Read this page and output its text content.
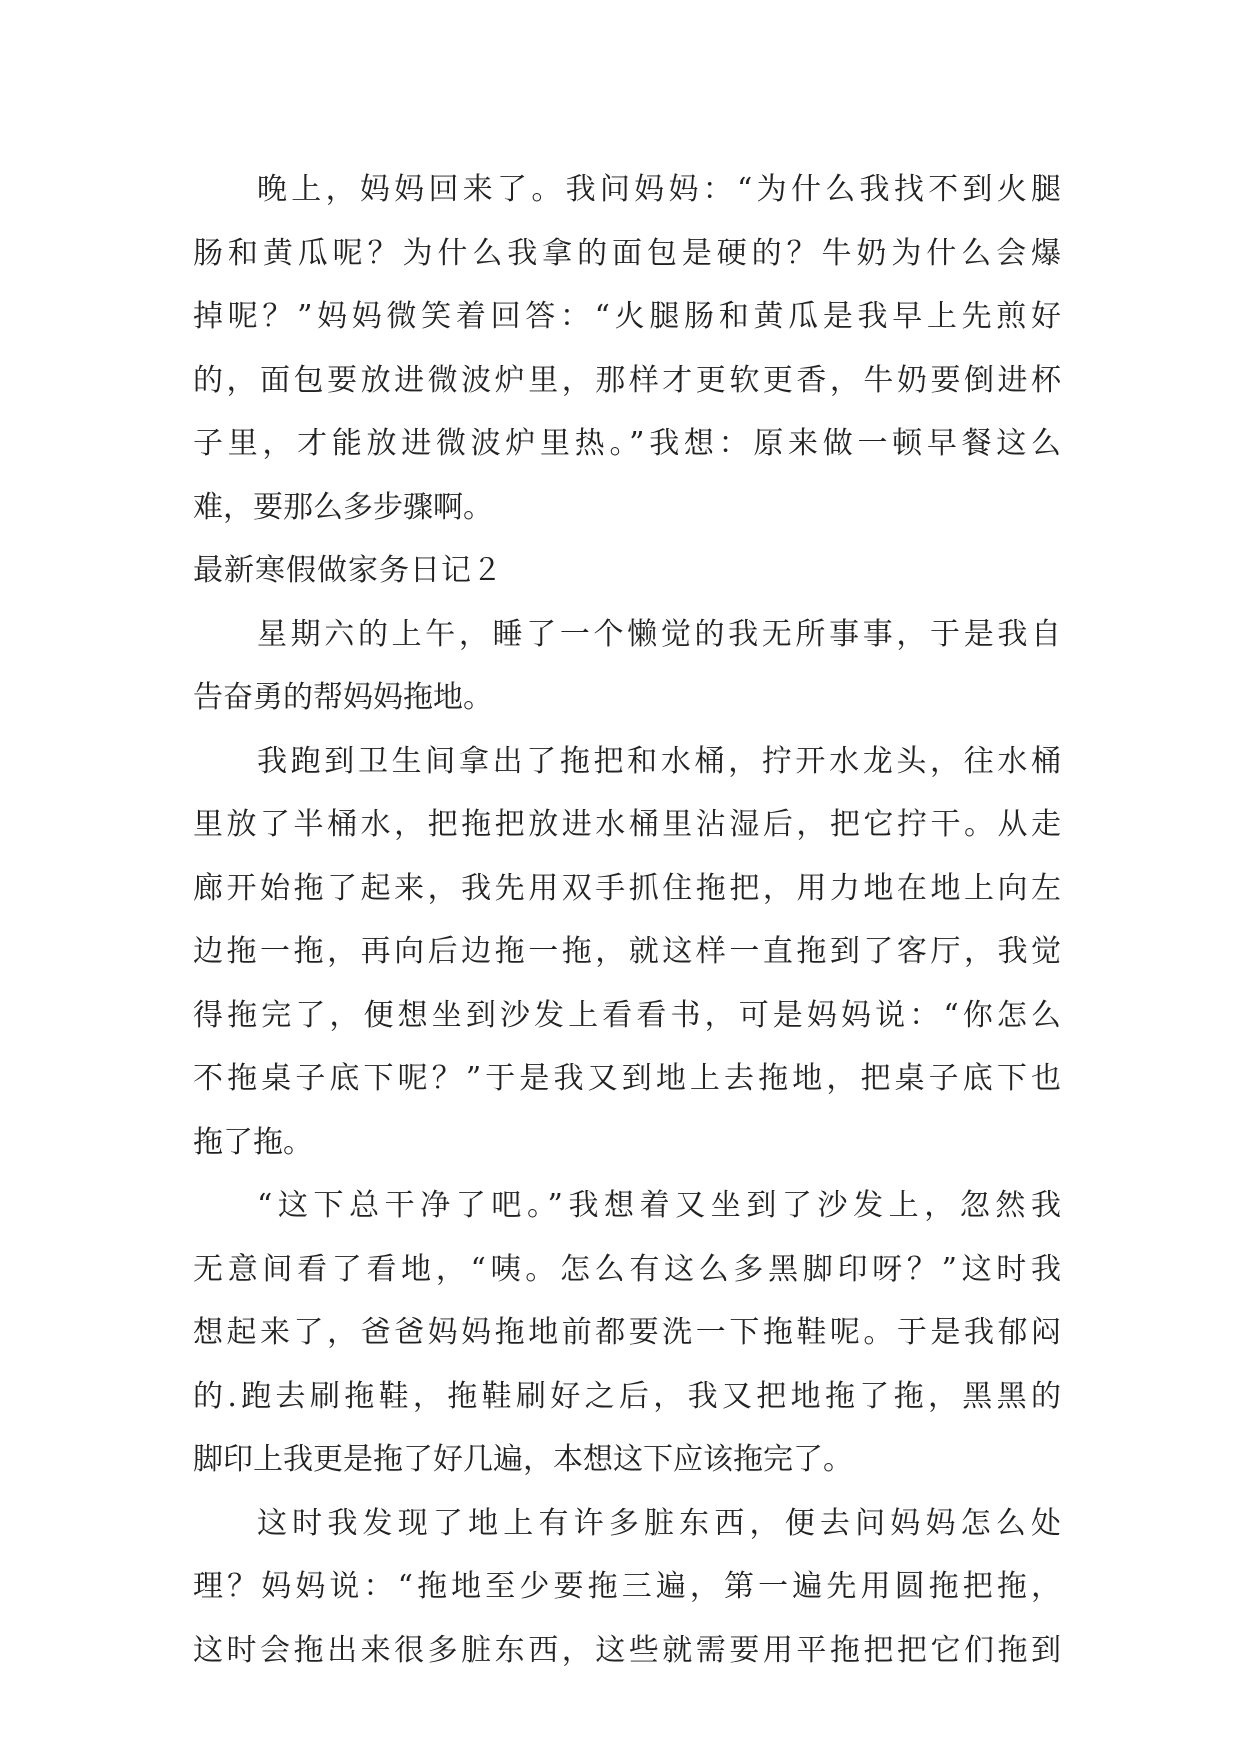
晚上，妈妈回来了。我问妈妈：“为什么我找不到火腿
肠和黄瓜呢？为什么我拿的面包是硬的？牛奶为什么会爆
掉呢？”妈妈微笑着回答：“火腿肠和黄瓜是我早上先煎好
的，面包要放进微波炉里，那样才更软更香，牛奶要倒进杯
子里，才能放进微波炉里热。”我想：原来做一顿早餐这么
难，要那么多步骤啊。
最新寒假做家务日记２
星期六的上午，睡了一个懒觉的我无所事事，于是我自
告奋勇的帮妈妈拖地。
我跑到卫生间拿出了拖把和水桶，拧开水龙头，往水桶
里放了半桶水，把拖把放进水桶里沾湿后，把它拧干。从走
廊开始拖了起来，我先用双手抓住拖把，用力地在地上向左
边拖一拖，再向后边拖一拖，就这样一直拖到了客厅，我觉
得拖完了，便想坐到沙发上看看书，可是妈妈说：“你怎么
不拖桌子底下呢？”于是我又到地上去拖地，把桌子底下也
拖了拖。
“这下总干净了吧。”我想着又坐到了沙发上，忽然我
无意间看了看地，“咦。怎么有这么多黑脚印呀？”这时我
想起来了，爸爸妈妈拖地前都要洗一下拖鞋呢。于是我郁闷
的.跑去刷拖鞋，拖鞋刷好之后，我又把地拖了拖，黑黑的
脚印上我更是拖了好几遍，本想这下应该拖完了。
这时我发现了地上有许多脏东西，便去问妈妈怎么处
理？妈妈说：“拖地至少要拖三遍，第一遍先用圆拖把拖，
这时会拖出来很多脏东西，这些就需要用平拖把把它们拖到
